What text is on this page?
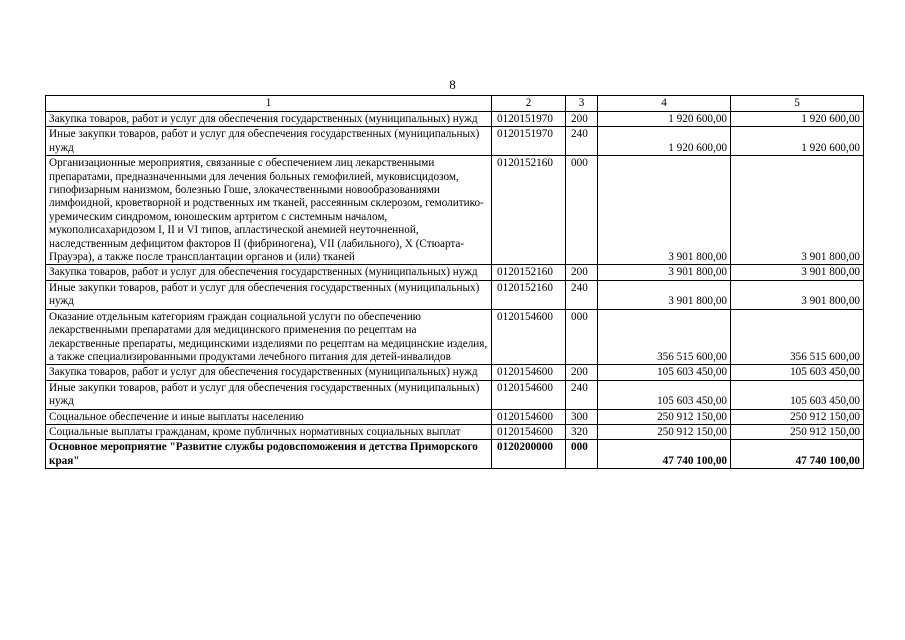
8
1	2	3	4	5
Закупка товаров, работ и услуг для обеспечения государственных (муниципальных) нужд	0120151970	200	1 920 600,00	1 920 600,00
Иные закупки товаров, работ и услуг для обеспечения государственных (муниципальных) нужд	0120151970	240	1 920 600,00	1 920 600,00
Организационные мероприятия, связанные с обеспечением лиц лекарственными препаратами, предназначенными для лечения больных гемофилией, муковисцидозом, гипофизарным нанизмом, болезнью Гоше, злокачественными новообразованиями лимфоидной, кроветворной и родственных им тканей, рассеянным склерозом, гемолитико-уремическим синдромом, юношеским артритом с системным началом, мукополисахаридозом I, II и VI типов, апластической анемией неуточненной, наследственным дефицитом факторов II (фибриногена), VII (лабильного), X (Стюарта-Прауэра), а также после трансплантации органов и (или) тканей	0120152160	000	3 901 800,00	3 901 800,00
Закупка товаров, работ и услуг для обеспечения государственных (муниципальных) нужд	0120152160	200	3 901 800,00	3 901 800,00
Иные закупки товаров, работ и услуг для обеспечения государственных (муниципальных) нужд	0120152160	240	3 901 800,00	3 901 800,00
Оказание отдельным категориям граждан социальной услуги по обеспечению лекарственными препаратами для медицинского применения по рецептам на лекарственные препараты, медицинскими изделиями по рецептам на медицинские изделия, а также специализированными продуктами лечебного питания для детей-инвалидов	0120154600	000	356 515 600,00	356 515 600,00
Закупка товаров, работ и услуг для обеспечения государственных (муниципальных) нужд	0120154600	200	105 603 450,00	105 603 450,00
Иные закупки товаров, работ и услуг для обеспечения государственных (муниципальных) нужд	0120154600	240	105 603 450,00	105 603 450,00
Социальное обеспечение и иные выплаты населению	0120154600	300	250 912 150,00	250 912 150,00
Социальные выплаты гражданам, кроме публичных нормативных социальных выплат	0120154600	320	250 912 150,00	250 912 150,00
Основное мероприятие "Развитие службы родовспоможения и детства Приморского края"	0120200000	000	47 740 100,00	47 740 100,00
